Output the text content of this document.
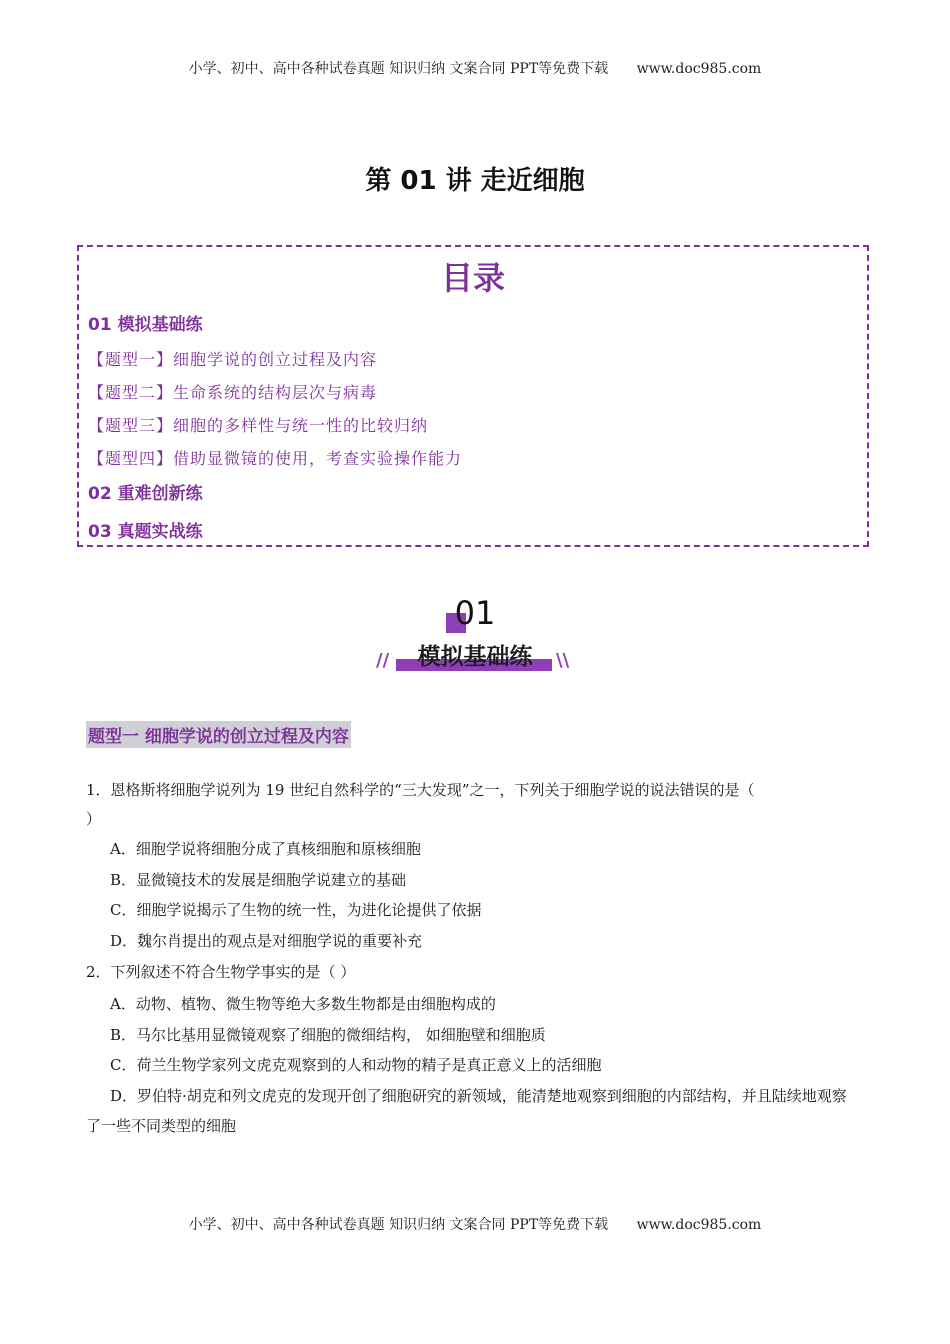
小学、初中、高中各种试卷真题 知识归纳 文案合同 PPT等免费下载 www.doc985.com
第 01 讲 走近细胞
目录
01 模拟基础练
【题型一】细胞学说的创立过程及内容
【题型二】生命系统的结构层次与病毒
【题型三】细胞的多样性与统一性的比较归纳
【题型四】借助显微镜的使用，考查实验操作能力
02 重难创新练
03 真题实战练
01
模拟基础练
//	\\
题型一 细胞学说的创立过程及内容
1．恩格斯将细胞学说列为 19 世纪自然科学的“三大发现”之一，下列关于细胞学说的说法错误的是（
）
A．细胞学说将细胞分成了真核细胞和原核细胞
B．显微镜技术的发展是细胞学说建立的基础
C．细胞学说揭示了生物的统一性，为进化论提供了依据
D．魏尔肖提出的观点是对细胞学说的重要补充
2．下列叙述不符合生物学事实的是（ ）
A．动物、植物、微生物等绝大多数生物都是由细胞构成的
B．马尔比基用显微镜观察了细胞的微细结构， 如细胞壁和细胞质
C．荷兰生物学家列文虎克观察到的人和动物的精子是真正意义上的活细胞
D．罗伯特·胡克和列文虎克的发现开创了细胞研究的新领域，能清楚地观察到细胞的内部结构，并且陆续地观察了一些不同类型的细胞
小学、初中、高中各种试卷真题 知识归纳 文案合同 PPT等免费下载 www.doc985.com
